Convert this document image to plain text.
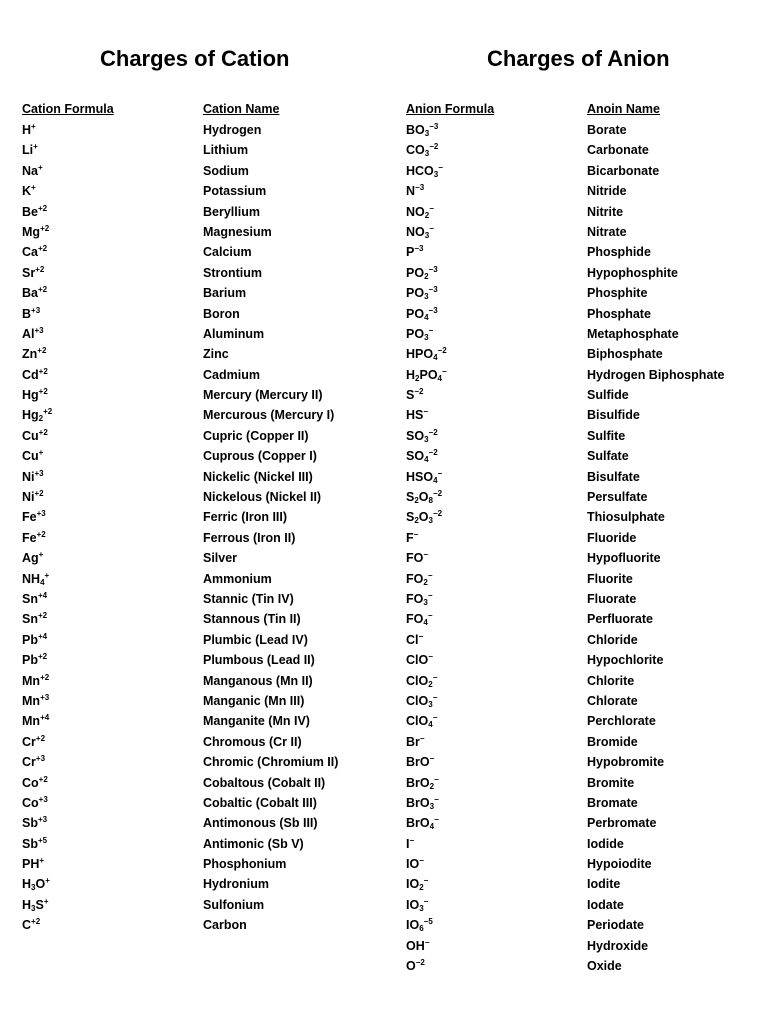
Charges of Cation	Charges of Anion
Cation Formula
H+
Li+
Na+
K+
$Be^{+2}$
$Mg^{+2}$
$Ca^{+2}$
$Sr^{+2}$
$Ba^{+2}$
$B^{+3}$
$Al^{+3}$
$Zn^{+2}$
$Cd^{+2}$
$Hg^{+2}$
$Hg_2^{+2}$
$Cu^{+2}$
Cu+
$Ni^{+3}$
$Ni^{+2}$
$Fe^{+3}$
$Fe^{+2}$
Ag+
$NH_4^+$
$Sn^{+4}$
$Sn^{+2}$
$Pb^{+4}$
$Pb^{+2}$
$Mn^{+2}$
$Mn^{+3}$
$Mn^{+4}$
$Cr^{+2}$
$Cr^{+3}$
$Co^{+2}$
$Co^{+3}$
$Sb^{+3}$
$Sb^{+5}$
PH+
$H_3O^+$
$H_3S^+$
$C^{+2}$
Cation Name
Hydrogen
Lithium
Sodium
Potassium
Beryllium
Magnesium
Calcium
Strontium
Barium
Boron
Aluminum
Zinc
Cadmium
Mercury (Mercury II)
Mercurous (Mercury I)
Cupric (Copper II)
Cuprous (Copper I)
Nickelic (Nickel III)
Nickelous (Nickel II)
Ferric (Iron III)
Ferrous (Iron II)
Silver
Ammonium
Stannic (Tin IV)
Stannous (Tin II)
Plumbic (Lead IV)
Plumbous (Lead II)
Manganous (Mn II)
Manganic (Mn III)
Manganite (Mn IV)
Chromous (Cr II)
Chromic (Chromium II)
Cobaltous (Cobalt II)
Cobaltic (Cobalt III)
Antimonous (Sb III)
Antimonic (Sb V)
Phosphonium
Hydronium
Sulfonium
Carbon
Anion Formula
$BO_3^{-3}$
$CO_3^{-2}$
$HCO_3^-$
$N^{-3}$
$NO_2^-$
$NO_3^-$
$P^{-3}$
$PO_2^{-3}$
$PO_3^{-3}$
$PO_4^{-3}$
$PO_3^-$
$HPO_4^{-2}$
$H_2PO_4^-$
$S^{-2}$
HS−
$SO_3^{-2}$
$SO_4^{-2}$
$HSO_4^-$
$S_2O_8^{-2}$
$S_2O_3^{-2}$
F−
FO−
$FO_2^-$
$FO_3^-$
$FO_4^-$
Cl−
ClO−
ClO$_2$−
ClO$_3$−
ClO$_4$−
Br−
BrO−
BrO$_2$−
BrO$_3$−
BrO$_4$−
I−
IO−
$IO_2^-$
$IO_3^-$
$IO_6^{-5}$
OH−
$O^{-2}$
Anoin Name
Borate
Carbonate
Bicarbonate
Nitride
Nitrite
Nitrate
Phosphide
Hypophosphite
Phosphite
Phosphate
Metaphosphate
Biphosphate
Hydrogen Biphosphate
Sulfide
Bisulfide
Sulfite
Sulfate
Bisulfate
Persulfate
Thiosulphate
Fluoride
Hypofluorite
Fluorite
Fluorate
Perfluorate
Chloride
Hypochlorite
Chlorite
Chlorate
Perchlorate
Bromide
Hypobromite
Bromite
Bromate
Perbromate
Iodide
Hypoiodite
Iodite
Iodate
Periodate
Hydroxide
Oxide
